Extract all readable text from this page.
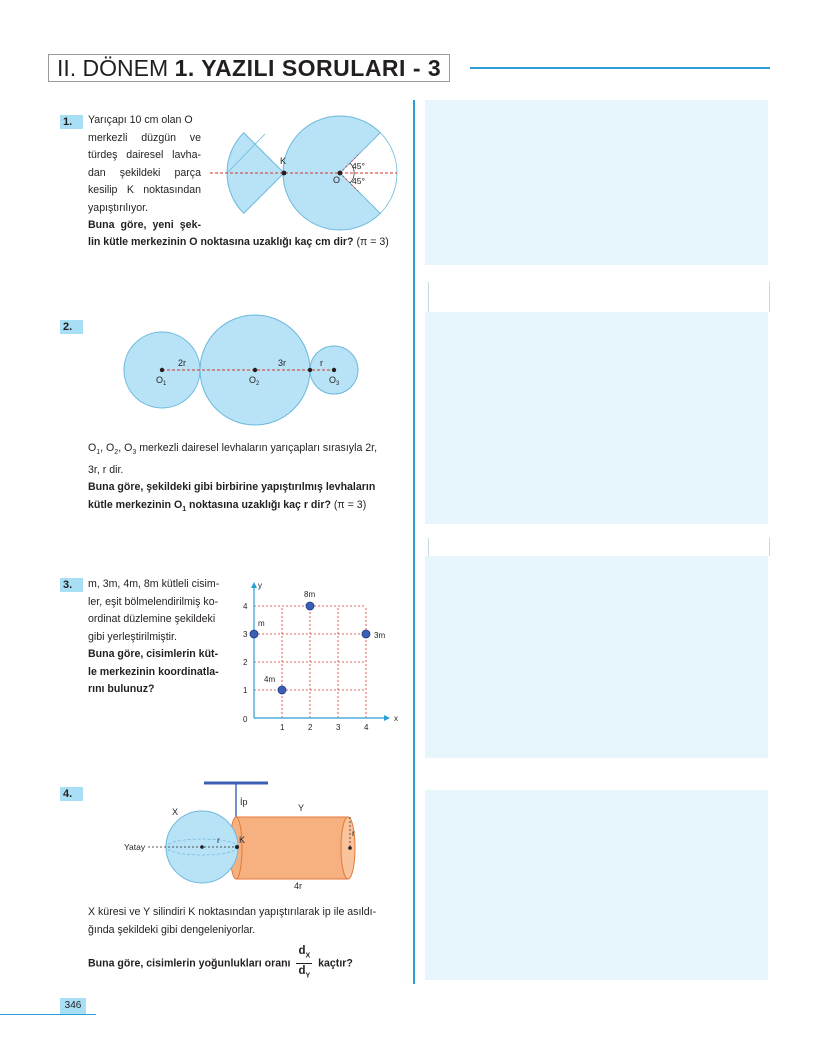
II. DÖNEM 1. YAZILI SORULARI - 3
1.	Yarıçapı 10 cm olan O
merkezli düzgün ve
türdeş dairesel lavha-
dan şekildeki parça
kesilip K noktasından
yapıştırılıyor.
Buna göre, yeni şek-
lin kütle merkezinin O noktasına uzaklığı kaç cm dir? (π = 3)
K
O
45°
45°
2.
2r	3r	r
$O_1$	$O_2$	$O_3$
$O_1$, $O_2$, $O_3$ merkezli dairesel levhaların yarıçapları sırasıyla 2r,
3r, r dir.
Buna göre, şekildeki gibi birbirine yapıştırılmış levhaların
kütle merkezinin $O_1$ noktasına uzaklığı kaç r dir? (π = 3)
3.	m, 3m, 4m, 8m kütleli cisim-
ler, eşit bölmelendirilmiş ko-
ordinat düzlemine şekildeki
gibi yerleştirilmiştir.
Buna göre, cisimlerin küt-
le merkezinin koordinatla-
rını bulunuz?
x
y
0
1	2	3	4
1
2
3
4
8m
m
3m
4m
4.
İp
X	Y
K
r
r
4r
Yatay
X küresi ve Y silindiri K noktasından yapıştırılarak ip ile asıldı-
ğında şekildeki gibi dengeleniyorlar.
Buna göre, cisimlerin yoğunlukları oranı $\frac{d_X}{d_Y}$ kaçtır?
346
